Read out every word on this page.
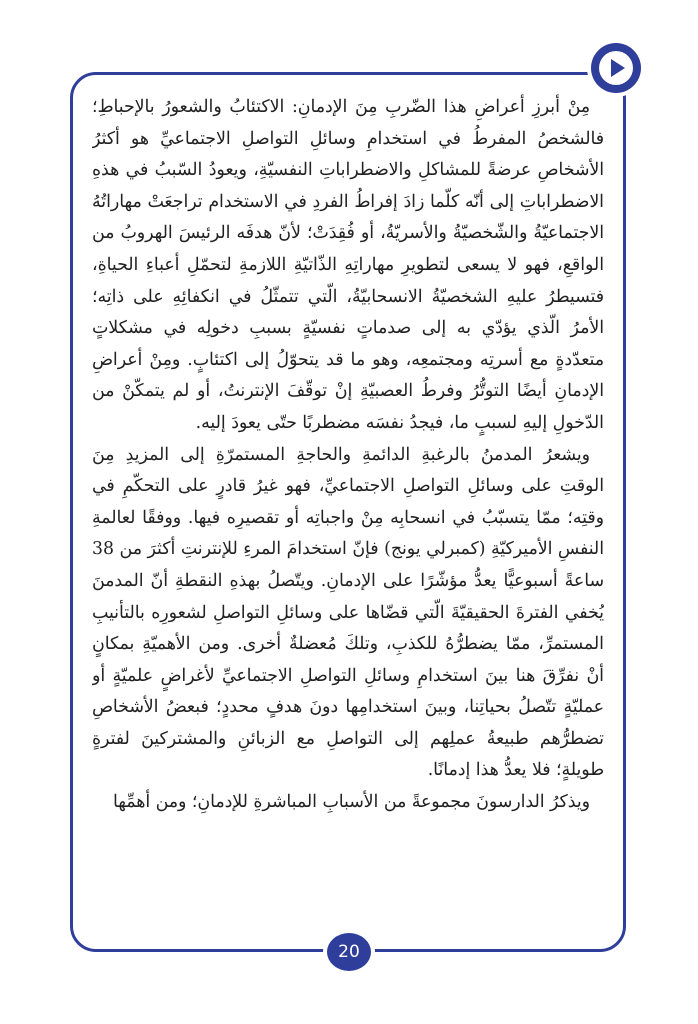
مِنْ أبرزِ أعراضِ هذا الضّربِ مِنَ الإدمانِ: الاكتئابُ والشعورُ بالإحباطِ؛ فالشخصُ المفرطُ في استخدامِ وسائلِ التواصلِ الاجتماعيِّ هو أكثرُ الأشخاصِ عرضةً للمشاكلِ والاضطراباتِ النفسيّةِ، ويعودُ السّببُ في هذهِ الاضطراباتِ إلى أنّه كلّما زادَ إفراطُ الفردِ في الاستخدام تراجعَتْ مهاراتُهُ الاجتماعيّةُ والشّخصيّةُ والأسريّةُ، أو فُقِدَتْ؛ لأنّ هدفَه الرئيسَ الهروبُ من الواقعِ، فهو لا يسعى لتطويرِ مهاراتِهِ الذّاتيّةِ اللازمةِ لتحمّلِ أعباءِ الحياةِ، فتسيطرُ عليهِ الشخصيّةُ الانسحابيّةُ، الّتي تتمثّلُ في انكفائِهِ على ذاتِه؛ الأمرُ الّذي يؤدّي به إلى صدماتٍ نفسيّةٍ بسببِ دخولِه في مشكلاتٍ متعدّدةٍ مع أسرتِه ومجتمعِه، وهو ما قد يتحوّلُ إلى اكتئابٍ. ومِنْ أعراضِ الإدمانِ أيضًا التوتُّرُ وفرطُ العصبيّةِ إنْ توقّفَ الإنترنتُ، أو لم يتمكّنْ من الدّخولِ إليهِ لسببٍ ما، فيجدُ نفسَه مضطربًا حتّى يعودَ إليه.

ويشعرُ المدمنُ بالرغبةِ الدائمةِ والحاجةِ المستمرّةِ إلى المزيدِ مِنَ الوقتِ على وسائلِ التواصلِ الاجتماعيِّ، فهو غيرُ قادرٍ على التحكّمِ في وقتِه؛ ممّا يتسبّبُ في انسحابِه مِنْ واجباتِه أو تقصيرِه فيها. ووفقًا لعالمةِ النفسِ الأميركيّةِ (كمبرلي يونج) فإنّ استخدامَ المرءِ للإنترنتِ أكثرَ من 38 ساعةً أسبوعيًّا يعدُّ مؤشّرًا على الإدمانِ. ويتّصلُ بهذهِ النقطةِ أنّ المدمنَ يُخفي الفترةَ الحقيقيّةَ الّتي قضّاها على وسائلِ التواصلِ لشعورِه بالتأنيبِ المستمرِّ، ممّا يضطرُّهُ للكذبِ، وتلكَ مُعضلةٌ أخرى. ومن الأهميّةِ بمكانٍ أنْ نفرِّقَ هنا بينَ استخدامِ وسائلِ التواصلِ الاجتماعيِّ لأغراضٍ علميّةٍ أو عمليّةٍ تتّصلُ بحياتِنا، وبينَ استخدامِها دونَ هدفٍ محددٍ؛ فبعضُ الأشخاصِ تضطرُّهم طبيعةُ عملِهم إلى التواصلِ مع الزبائنِ والمشتركينَ لفترةٍ طويلةٍ؛ فلا يعدُّ هذا إدمانًا.

ويذكرُ الدارسونَ مجموعةً من الأسبابِ المباشرةِ للإدمانِ؛ ومن أهمِّها

20
